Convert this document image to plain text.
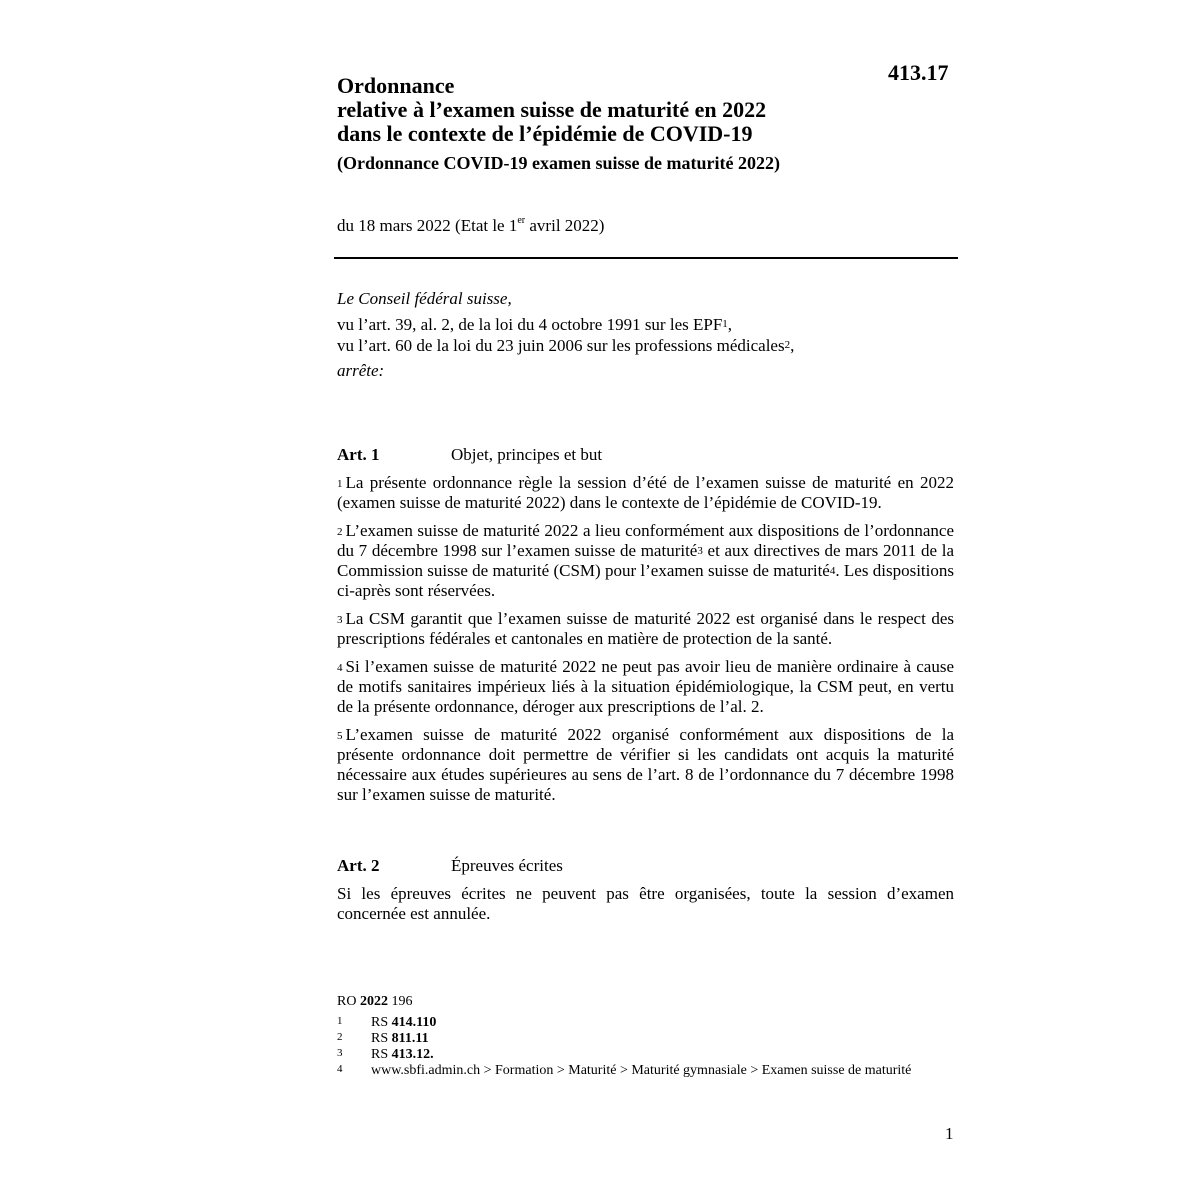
413.17
Ordonnance
relative à l’examen suisse de maturité en 2022
dans le contexte de l’épidémie de COVID-19
(Ordonnance COVID-19 examen suisse de maturité 2022)
du 18 mars 2022 (Etat le 1er avril 2022)
Le Conseil fédéral suisse,
vu l’art. 39, al. 2, de la loi du 4 octobre 1991 sur les EPF$^1$,
vu l’art. 60 de la loi du 23 juin 2006 sur les professions médicales$^2$,
arrête:
Art. 1	Objet, principes et but
$^1$ La présente ordonnance règle la session d’été de l’examen suisse de maturité en 2022 (examen suisse de maturité 2022) dans le contexte de l’épidémie de COVID-19.
$^2$ L’examen suisse de maturité 2022 a lieu conformément aux dispositions de l’ordonnance du 7 décembre 1998 sur l’examen suisse de maturité$^3$ et aux directives de mars 2011 de la Commission suisse de maturité (CSM) pour l’examen suisse de maturité$^4$. Les dispositions ci-après sont réservées.
$^3$ La CSM garantit que l’examen suisse de maturité 2022 est organisé dans le respect des prescriptions fédérales et cantonales en matière de protection de la santé.
$^4$ Si l’examen suisse de maturité 2022 ne peut pas avoir lieu de manière ordinaire à cause de motifs sanitaires impérieux liés à la situation épidémiologique, la CSM peut, en vertu de la présente ordonnance, déroger aux prescriptions de l’al. 2.
$^5$ L’examen suisse de maturité 2022 organisé conformément aux dispositions de la présente ordonnance doit permettre de vérifier si les candidats ont acquis la maturité nécessaire aux études supérieures au sens de l’art. 8 de l’ordonnance du 7 décembre 1998 sur l’examen suisse de maturité.
Art. 2	Épreuves écrites
Si les épreuves écrites ne peuvent pas être organisées, toute la session d’examen concernée est annulée.
RO 2022 196
1 RS 414.110
2 RS 811.11
3 RS 413.12.
4 www.sbfi.admin.ch > Formation > Maturité > Maturité gymnasiale > Examen suisse de maturité
1
